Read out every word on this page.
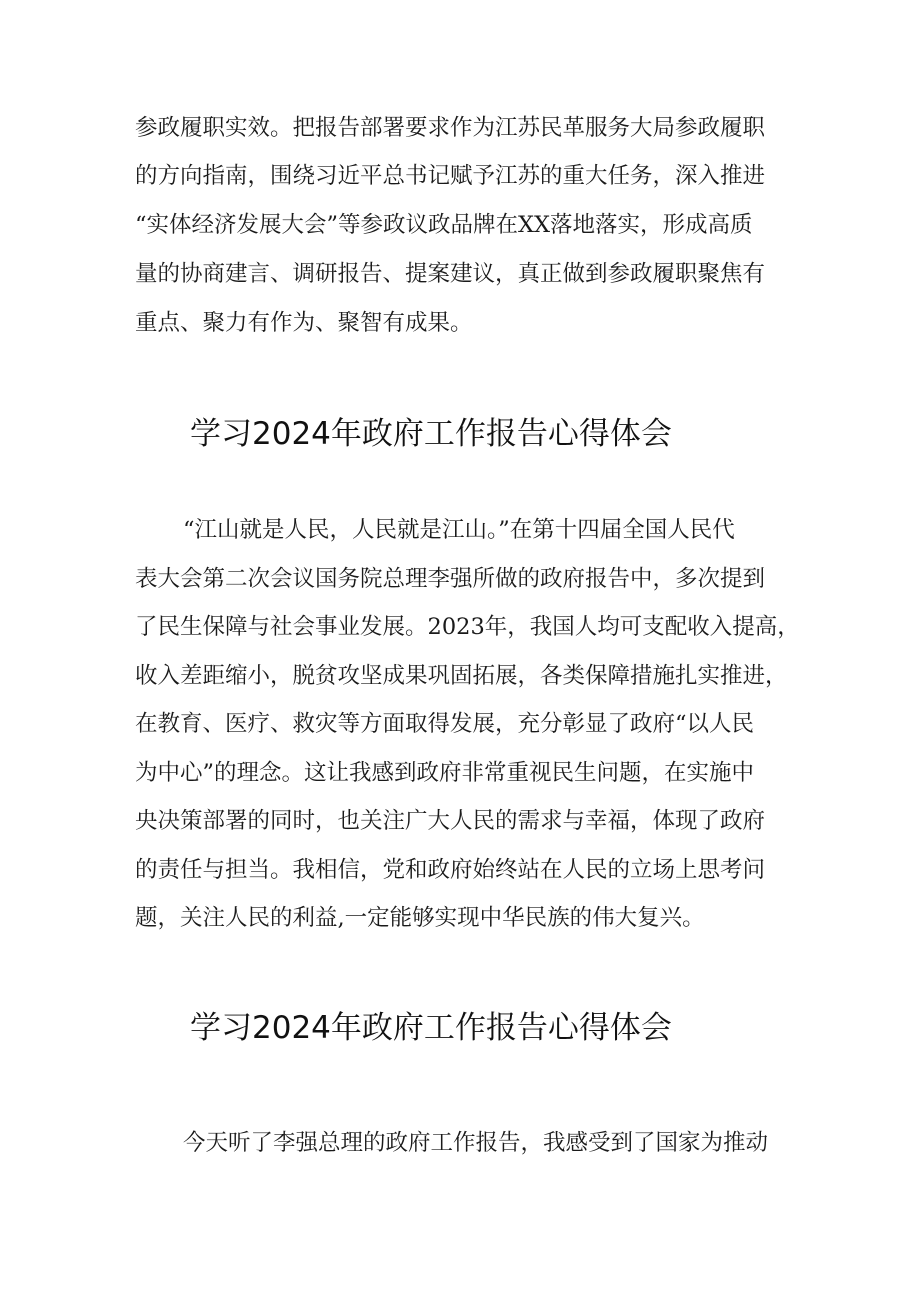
参政履职实效。把报告部署要求作为江苏民革服务大局参政履职
的方向指南，围绕习近平总书记赋予江苏的重大任务，深入推进
“实体经济发展大会”等参政议政品牌在XX落地落实，形成高质
量的协商建言、调研报告、提案建议，真正做到参政履职聚焦有
重点、聚力有作为、聚智有成果。
学习2024年政府工作报告心得体会
“江山就是人民，人民就是江山。”在第十四届全国人民代
表大会第二次会议国务院总理李强所做的政府报告中，多次提到
了民生保障与社会事业发展。2023年，我国人均可支配收入提高，
收入差距缩小，脱贫攻坚成果巩固拓展，各类保障措施扎实推进，
在教育、医疗、救灾等方面取得发展，充分彰显了政府“以人民
为中心”的理念。这让我感到政府非常重视民生问题，在实施中
央决策部署的同时，也关注广大人民的需求与幸福，体现了政府
的责任与担当。我相信，党和政府始终站在人民的立场上思考问
题，关注人民的利益,一定能够实现中华民族的伟大复兴。
学习2024年政府工作报告心得体会
今天听了李强总理的政府工作报告，我感受到了国家为推动
